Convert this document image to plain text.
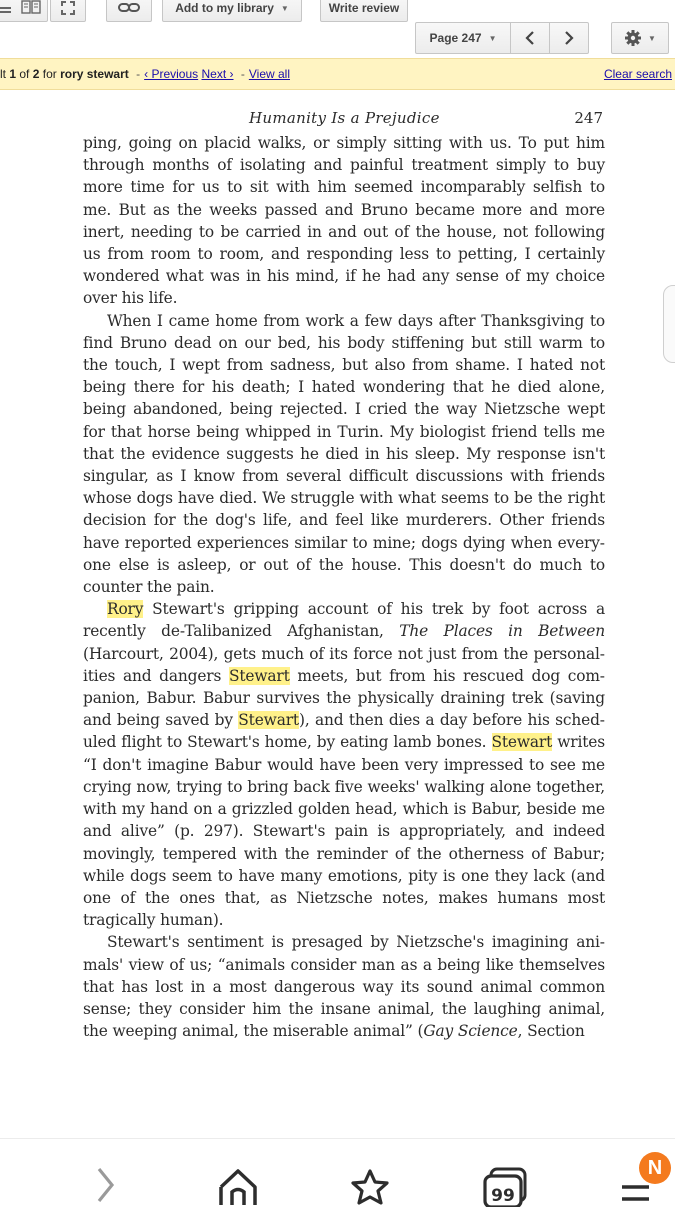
Add to my library ▼	Write review
Page 247 ▼	▼
lt 1 of 2 for rory stewart - ‹ Previous Next › - View all	Clear search
Humanity Is a Prejudice	247

ping, going on placid walks, or simply sitting with us. To put him through months of isolating and painful treatment simply to buy more time for us to sit with him seemed incomparably selfish to me. But as the weeks passed and Bruno became more and more inert, needing to be carried in and out of the house, not following us from room to room, and responding less to petting, I certainly wondered what was in his mind, if he had any sense of my choice over his life.

When I came home from work a few days after Thanksgiving to find Bruno dead on our bed, his body stiffening but still warm to the touch, I wept from sadness, but also from shame. I hated not being there for his death; I hated wondering that he died alone, being abandoned, being rejected. I cried the way Nietzsche wept for that horse being whipped in Turin. My biologist friend tells me that the evidence suggests he died in his sleep. My response isn't singular, as I know from several difficult discussions with friends whose dogs have died. We struggle with what seems to be the right decision for the dog's life, and feel like murderers. Other friends have reported experiences similar to mine; dogs dying when everyone else is asleep, or out of the house. This doesn't do much to counter the pain.

Rory Stewart's gripping account of his trek by foot across a recently de-Talibanized Afghanistan, The Places in Between (Harcourt, 2004), gets much of its force not just from the personalities and dangers Stewart meets, but from his rescued dog companion, Babur. Babur survives the physically draining trek (saving and being saved by Stewart), and then dies a day before his scheduled flight to Stewart's home, by eating lamb bones. Stewart writes “I don't imagine Babur would have been very impressed to see me crying now, trying to bring back five weeks' walking alone together, with my hand on a grizzled golden head, which is Babur, beside me and alive” (p. 297). Stewart's pain is appropriately, and indeed movingly, tempered with the reminder of the otherness of Babur; while dogs seem to have many emotions, pity is one they lack (and one of the ones that, as Nietzsche notes, makes humans most tragically human).

Stewart's sentiment is presaged by Nietzsche's imagining animals' view of us; “animals consider man as a being like themselves that has lost in a most dangerous way its sound animal common sense; they consider him the insane animal, the laughing animal, the weeping animal, the miserable animal” (Gay Science, Section

99
N
